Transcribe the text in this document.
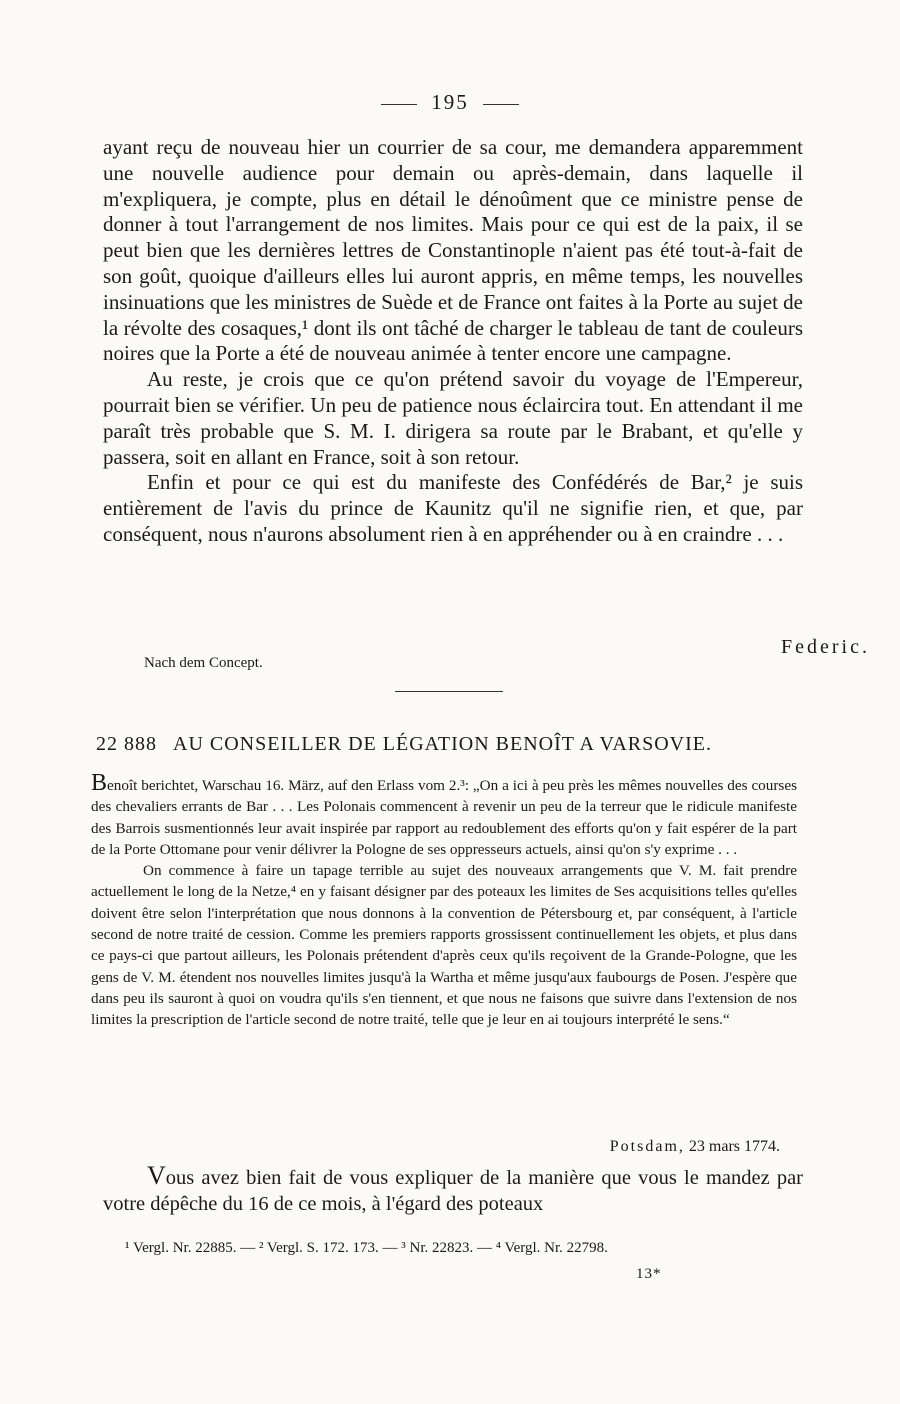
195

ayant reçu de nouveau hier un courrier de sa cour, me demandera apparemment une nouvelle audience pour demain ou après-demain, dans laquelle il m'expliquera, je compte, plus en détail le dénoûment que ce ministre pense de donner à tout l'arrangement de nos limites. Mais pour ce qui est de la paix, il se peut bien que les dernières lettres de Constantinople n'aient pas été tout-à-fait de son goût, quoique d'ailleurs elles lui auront appris, en même temps, les nouvelles insinuations que les ministres de Suède et de France ont faites à la Porte au sujet de la révolte des cosaques,¹ dont ils ont tâché de charger le tableau de tant de couleurs noires que la Porte a été de nouveau animée à tenter encore une campagne.

Au reste, je crois que ce qu'on prétend savoir du voyage de l'Empereur, pourrait bien se vérifier. Un peu de patience nous éclaircira tout. En attendant il me paraît très probable que S. M. I. dirigera sa route par le Brabant, et qu'elle y passera, soit en allant en France, soit à son retour.

Enfin et pour ce qui est du manifeste des Confédérés de Bar,² je suis entièrement de l'avis du prince de Kaunitz qu'il ne signifie rien, et que, par conséquent, nous n'aurons absolument rien à en appréhender ou à en craindre . . .

Federic.
Nach dem Concept.
22 888 AU CONSEILLER DE LÉGATION BENOÎT A VARSOVIE.

Benoît berichtet, Warschau 16. März, auf den Erlass vom 2.³: „On a ici à peu près les mêmes nouvelles des courses des chevaliers errants de Bar . . . Les Polonais commencent à revenir un peu de la terreur que le ridicule manifeste des Barrois susmentionnés leur avait inspirée par rapport au redoublement des efforts qu'on y fait espérer de la part de la Porte Ottomane pour venir délivrer la Pologne de ses oppresseurs actuels, ainsi qu'on s'y exprime . . .

On commence à faire un tapage terrible au sujet des nouveaux arrangements que V. M. fait prendre actuellement le long de la Netze,⁴ en y faisant désigner par des poteaux les limites de Ses acquisitions telles qu'elles doivent être selon l'interprétation que nous donnons à la convention de Pétersbourg et, par conséquent, à l'article second de notre traité de cession. Comme les premiers rapports grossissent continuellement les objets, et plus dans ce pays-ci que partout ailleurs, les Polonais prétendent d'après ceux qu'ils reçoivent de la Grande-Pologne, que les gens de V. M. étendent nos nouvelles limites jusqu'à la Wartha et même jusqu'aux faubourgs de Posen. J'espère que dans peu ils sauront à quoi on voudra qu'ils s'en tiennent, et que nous ne faisons que suivre dans l'extension de nos limites la prescription de l'article second de notre traité, telle que je leur en ai toujours interprété le sens.“

Potsdam, 23 mars 1774.

Vous avez bien fait de vous expliquer de la manière que vous le mandez par votre dépêche du 16 de ce mois, à l'égard des poteaux

¹ Vergl. Nr. 22885. — ² Vergl. S. 172. 173. — ³ Nr. 22823. — ⁴ Vergl. Nr. 22798.
13*
